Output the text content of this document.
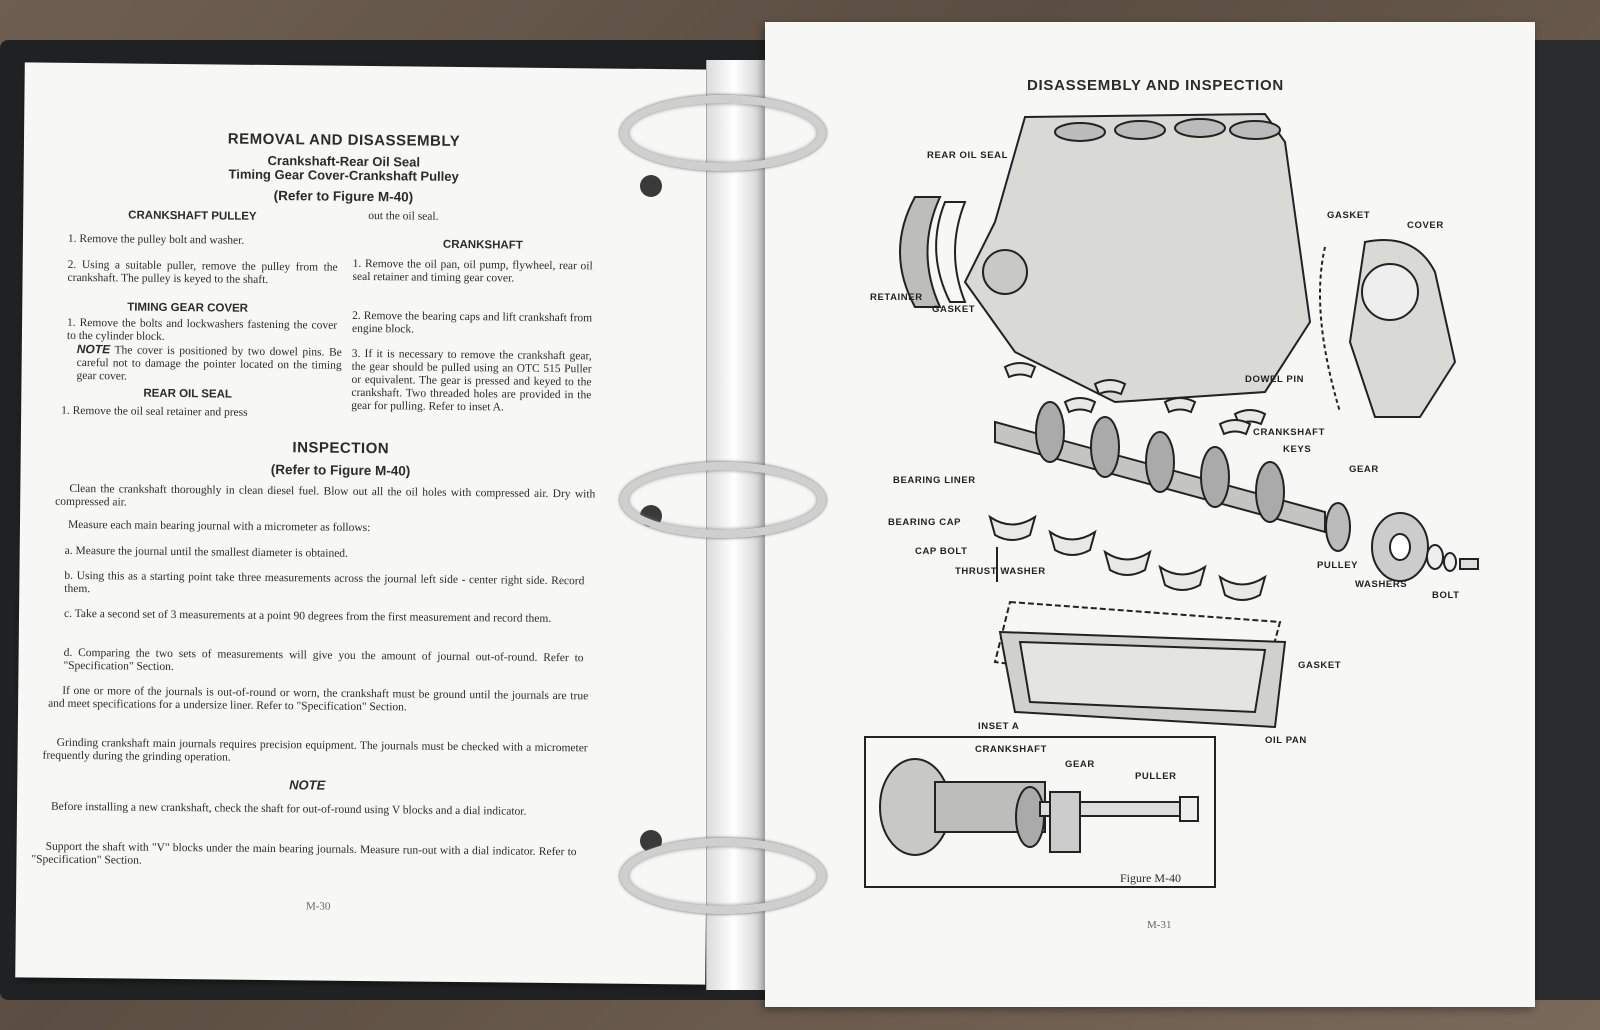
REMOVAL AND DISASSEMBLY
Crankshaft-Rear Oil Seal
Timing Gear Cover-Crankshaft Pulley
(Refer to Figure M-40)
CRANKSHAFT PULLEY
1. Remove the pulley bolt and washer.
2. Using a suitable puller, remove the pulley from the crankshaft. The pulley is keyed to the shaft.
TIMING GEAR COVER
1. Remove the bolts and lockwashers fastening the cover to the cylinder block.
NOTE The cover is positioned by two dowel pins. Be careful not to damage the pointer located on the timing gear cover.
REAR OIL SEAL
1. Remove the oil seal retainer and press
out the oil seal.
CRANKSHAFT
1. Remove the oil pan, oil pump, flywheel, rear oil seal retainer and timing gear cover.
2. Remove the bearing caps and lift crankshaft from engine block.
3. If it is necessary to remove the crankshaft gear, the gear should be pulled using an OTC 515 Puller or equivalent. The gear is pressed and keyed to the crankshaft. Two threaded holes are provided in the gear for pulling. Refer to inset A.
INSPECTION
(Refer to Figure M-40)
Clean the crankshaft thoroughly in clean diesel fuel. Blow out all the oil holes with compressed air. Dry with compressed air.
Measure each main bearing journal with a micrometer as follows:
a. Measure the journal until the smallest diameter is obtained.
b. Using this as a starting point take three measurements across the journal left side - center right side. Record them.
c. Take a second set of 3 measurements at a point 90 degrees from the first measurement and record them.
d. Comparing the two sets of measurements will give you the amount of journal out-of-round. Refer to "Specification" Section.
If one or more of the journals is out-of-round or worn, the crankshaft must be ground until the journals are true and meet specifications for a undersize liner. Refer to "Specification" Section.
Grinding crankshaft main journals requires precision equipment. The journals must be checked with a micrometer frequently during the grinding operation.
NOTE
Before installing a new crankshaft, check the shaft for out-of-round using V blocks and a dial indicator.
Support the shaft with "V" blocks under the main bearing journals. Measure run-out with a dial indicator. Refer to "Specification" Section.
M-30
DISASSEMBLY AND INSPECTION
REAR OIL SEAL
RETAINER
GASKET
GASKET
COVER
DOWEL PIN
CRANKSHAFT
KEYS
GEAR
BEARING LINER
BEARING CAP
CAP BOLT
THRUST WASHER
PULLEY
WASHERS
BOLT
GASKET
OIL PAN
INSET A
CRANKSHAFT
GEAR
PULLER
Figure M-40
M-31
